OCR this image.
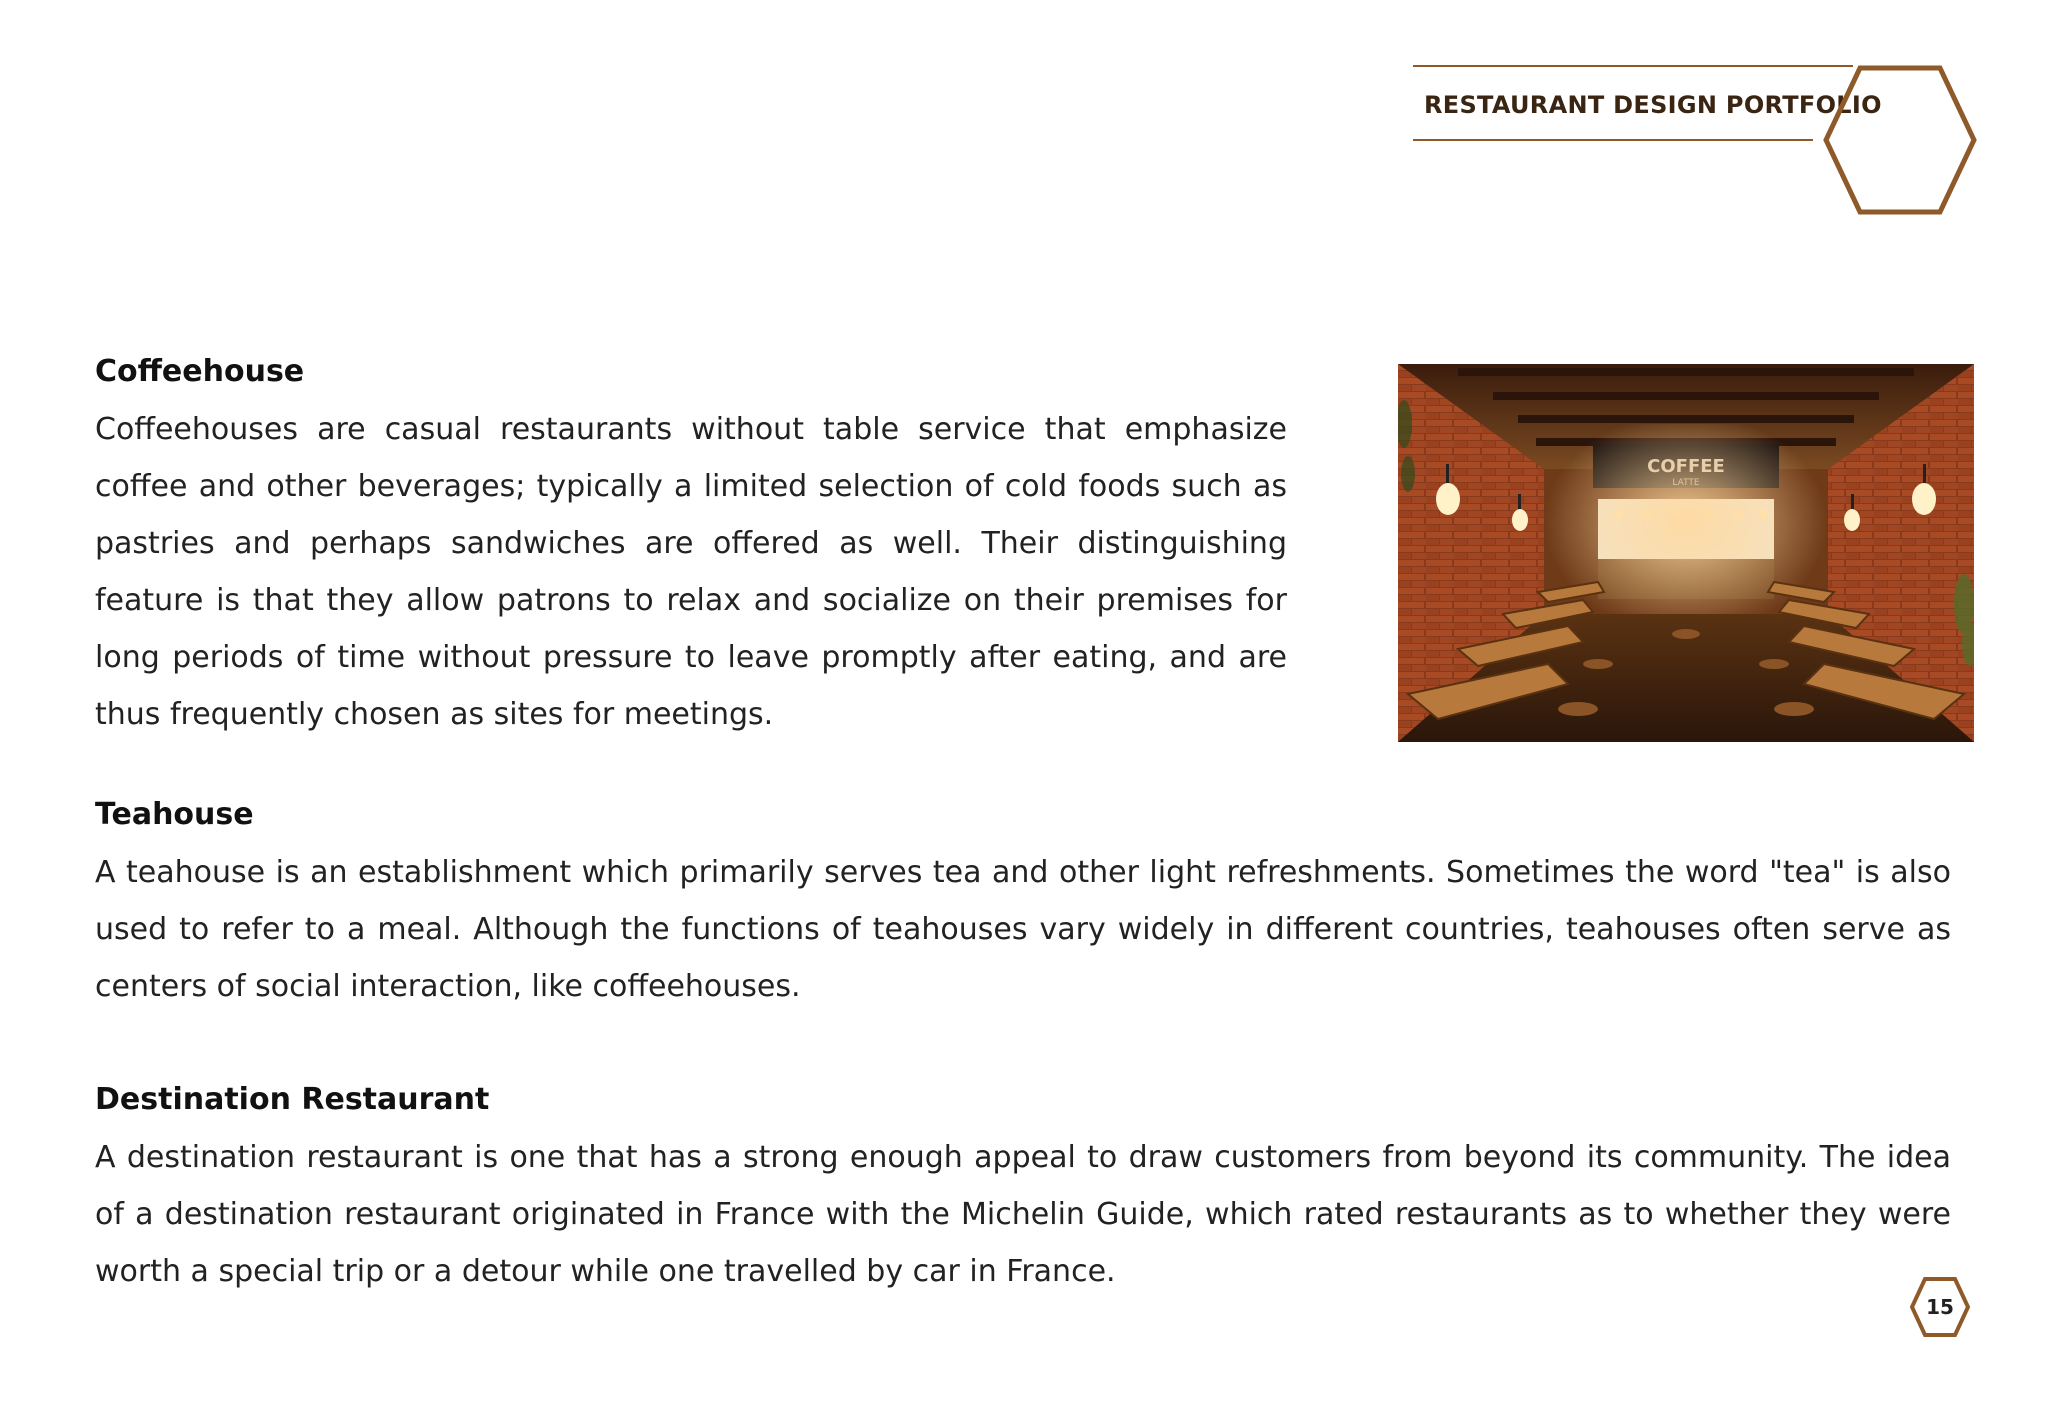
RESTAURANT DESIGN PORTFOLIO
Coffeehouse

Coffeehouses are casual restaurants without table service that emphasize coffee and other beverages; typically a limited selection of cold foods such as pastries and perhaps sandwiches are offered as well. Their distinguishing feature is that they allow patrons to relax and socialize on their premises for long periods of time without pressure to leave promptly after eating, and are thus frequently chosen as sites for meetings.

Teahouse

A teahouse is an establishment which primarily serves tea and other light refreshments. Sometimes the word "tea" is also used to refer to a meal. Although the functions of teahouses vary widely in different countries, teahouses often serve as centers of social interaction, like coffeehouses.

Destination Restaurant

A destination restaurant is one that has a strong enough appeal to draw customers from beyond its community. The idea of a destination restaurant originated in France with the Michelin Guide, which rated restaurants as to whether they were worth a special trip or a detour while one travelled by car in France.

15
